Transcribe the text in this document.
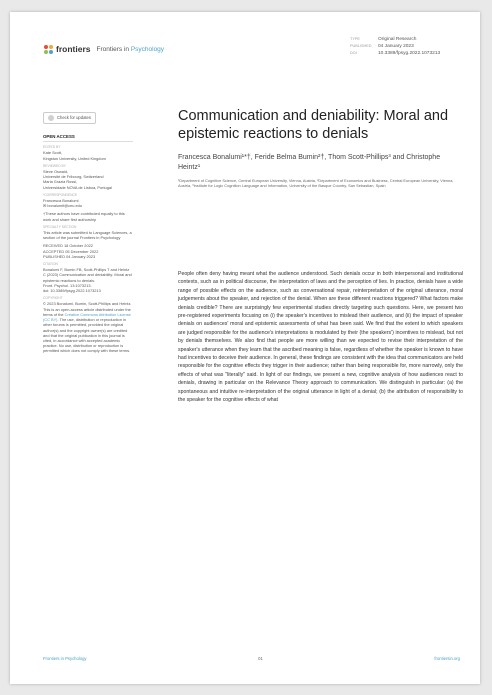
frontiers Frontiers in Psychology
TYPE	Original Research
PUBLISHED 04 January 2023
DOI	10.3389/fpsyg.2022.1073213
Check for updates
OPEN ACCESS
EDITED BY
Kate Scott,
Kingston University, United Kingdom
REVIEWED BY
Steve Oswald,
Université de Fribourg, Switzerland
Maria Grazia Rossi,
Universidade NOVA de Lisboa, Portugal
*CORRESPONDENCE
Francesca Bonalumi
✉ bonalumif@ceu.edu
†These authors have contributed equally to this work and share first authorship
SPECIALTY SECTION
This article was submitted to Language Sciences, a section of the journal Frontiers in Psychology
RECEIVED 18 October 2022
ACCEPTED 05 December 2022
PUBLISHED 04 January 2023
CITATION
Bonalumi F, Bumin FB, Scott-Phillips T and Heintz C (2023) Communication and deniability: Moral and epistemic reactions to denials.
Front. Psychol. 13:1073213.
doi: 10.3389/fpsyg.2022.1073213
COPYRIGHT
© 2023 Bonalumi, Bumin, Scott-Phillips and Heintz. This is an open-access article distributed under the terms of the Creative Commons Attribution License (CC BY). The use, distribution or reproduction in other forums is permitted, provided the original author(s) and the copyright owner(s) are credited and that the original publication in this journal is cited, in accordance with accepted academic practice. No use, distribution or reproduction is permitted which does not comply with these terms.
Communication and deniability: Moral and epistemic reactions to denials
Francesca Bonalumi¹*†, Feride Belma Bumin²†, Thom Scott-Phillips³ and Christophe Heintz¹
¹Department of Cognitive Science, Central European University, Vienna, Austria, ²Department of Economics and Business, Central European University, Vienna, Austria, ³Institute for Logic Cognition Language and Information, University of the Basque Country, San Sebastian, Spain

People often deny having meant what the audience understood. Such denials occur in both interpersonal and institutional contexts, such as in political discourse, the interpretation of laws and the perception of lies. In practice, denials have a wide range of possible effects on the audience, such as conversational repair, reinterpretation of the original utterance, moral judgements about the speaker, and rejection of the denial. When are these different reactions triggered? What factors make denials credible? There are surprisingly few experimental studies directly targeting such questions. Here, we present two pre-registered experiments focusing on (i) the speaker's incentives to mislead their audience, and (ii) the impact of speaker denials on audiences' moral and epistemic assessments of what has been said. We find that the extent to which speakers are judged responsible for the audience's interpretations is modulated by their (the speakers') incentives to mislead, but not by denials themselves. We also find that people are more willing than we expected to revise their interpretation of the speaker's utterance when they learn that the ascribed meaning is false, regardless of whether the speaker is known to have had incentives to deceive their audience. In general, these findings are consistent with the idea that communicators are held responsible for the cognitive effects they trigger in their audience; rather than being responsible for, more narrowly, only the effects of what was "literally" said. In light of our findings, we present a new, cognitive analysis of how audiences react to denials, drawing in particular on the Relevance Theory approach to communication. We distinguish in particular: (a) the spontaneous and intuitive re-interpretation of the original utterance in light of a denial; (b) the attribution of responsibility to the speaker for the cognitive effects of what

Frontiers in Psychology	01	frontiersin.org
